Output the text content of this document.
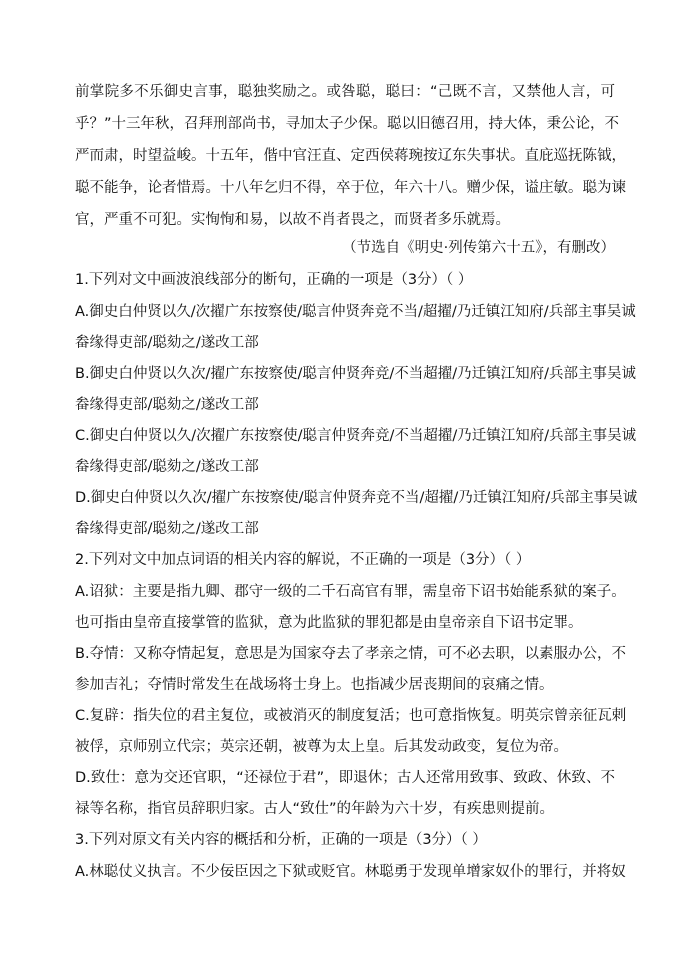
前掌院多不乐御史言事，聪独奖励之。或咎聪，聪曰：“己既不言，又禁他人言，可
乎？”十三年秋，召拜刑部尚书，寻加太子少保。聪以旧德召用，持大体，秉公论，不
严而肃，时望益峻。十五年，偕中官汪直、定西侯蒋琬按辽东失事状。直庇巡抚陈钺，
聪不能争，论者惜焉。十八年乞归不得，卒于位，年六十八。赠少保，谥庄敏。聪为谏
官，严重不可犯。实恂恂和易，以故不肖者畏之，而贤者多乐就焉。
（节选自《明史·列传第六十五》，有删改）
1.下列对文中画波浪线部分的断句，正确的一项是（3分）（ ）
A.御史白仲贤以久/次擢广东按察使/聪言仲贤奔竞不当/超擢/乃迁镇江知府/兵部主事吴诚
畚缘得吏部/聪劾之/遂改工部
B.御史白仲贤以久次/擢广东按察使/聪言仲贤奔竞/不当超擢/乃迁镇江知府/兵部主事吴诚
畚缘得吏部/聪劾之/遂改工部
C.御史白仲贤以久/次擢广东按察使/聪言仲贤奔竞/不当超擢/乃迁镇江知府/兵部主事吴诚
畚缘得吏部/聪劾之/遂改工部
D.御史白仲贤以久次/擢广东按察使/聪言仲贤奔竞不当/超擢/乃迁镇江知府/兵部主事吴诚
畚缘得吏部/聪劾之/遂改工部
2.下列对文中加点词语的相关内容的解说，不正确的一项是（3分）（ ）
A.诏狱：主要是指九卿、郡守一级的二千石高官有罪，需皇帝下诏书始能系狱的案子。
也可指由皇帝直接掌管的监狱，意为此监狱的罪犯都是由皇帝亲自下诏书定罪。
B.夺情：又称夺情起复，意思是为国家夺去了孝亲之情，可不必去职，以素服办公，不
参加吉礼；夺情时常发生在战场将士身上。也指减少居丧期间的哀痛之情。
C.复辟：指失位的君主复位，或被消灭的制度复活；也可意指恢复。明英宗曾亲征瓦剌
被俘，京师别立代宗；英宗还朝，被尊为太上皇。后其发动政变，复位为帝。
D.致仕：意为交还官职，“还禄位于君”，即退休；古人还常用致事、致政、休致、不
禄等名称，指官员辞职归家。古人“致仕”的年龄为六十岁，有疾患则提前。
3.下列对原文有关内容的概括和分析，正确的一项是（3分）（ ）
A.林聪仗义执言。不少佞臣因之下狱或贬官。林聪勇于发现单增家奴仆的罪行，并将奴
